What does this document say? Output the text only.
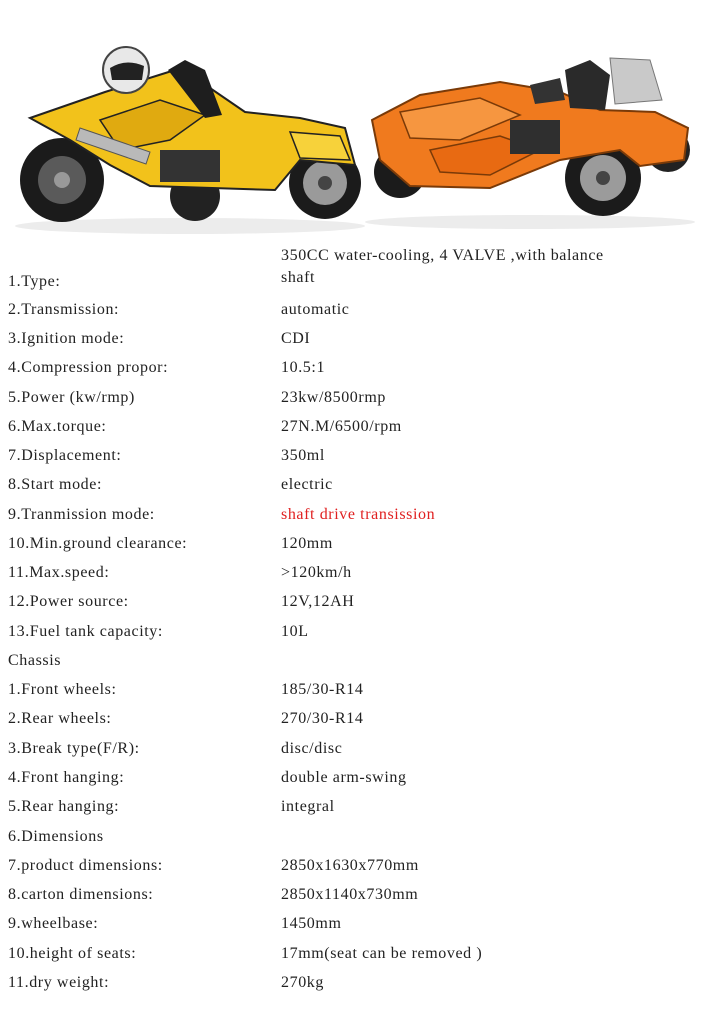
1.Type:
350CC water-cooling, 4 VALVE ,with balance shaft
2.Transmission:	automatic
3.Ignition mode:	CDI
4.Compression propor:	10.5:1
5.Power (kw/rmp)	23kw/8500rmp
6.Max.torque:	27N.M/6500/rpm
7.Displacement:	350ml
8.Start mode:	electric
9.Tranmission mode:	shaft drive transission
10.Min.ground clearance:	120mm
11.Max.speed:	>120km/h
12.Power source:	12V,12AH
13.Fuel tank capacity:	10L
Chassis
1.Front wheels:	185/30-R14
2.Rear wheels:	270/30-R14
3.Break type(F/R):	disc/disc
4.Front hanging:	double arm-swing
5.Rear hanging:	integral
6.Dimensions
7.product dimensions:	2850x1630x770mm
8.carton dimensions:	2850x1140x730mm
9.wheelbase:	1450mm
10.height of seats:	17mm(seat can be removed )
11.dry weight:	270kg
